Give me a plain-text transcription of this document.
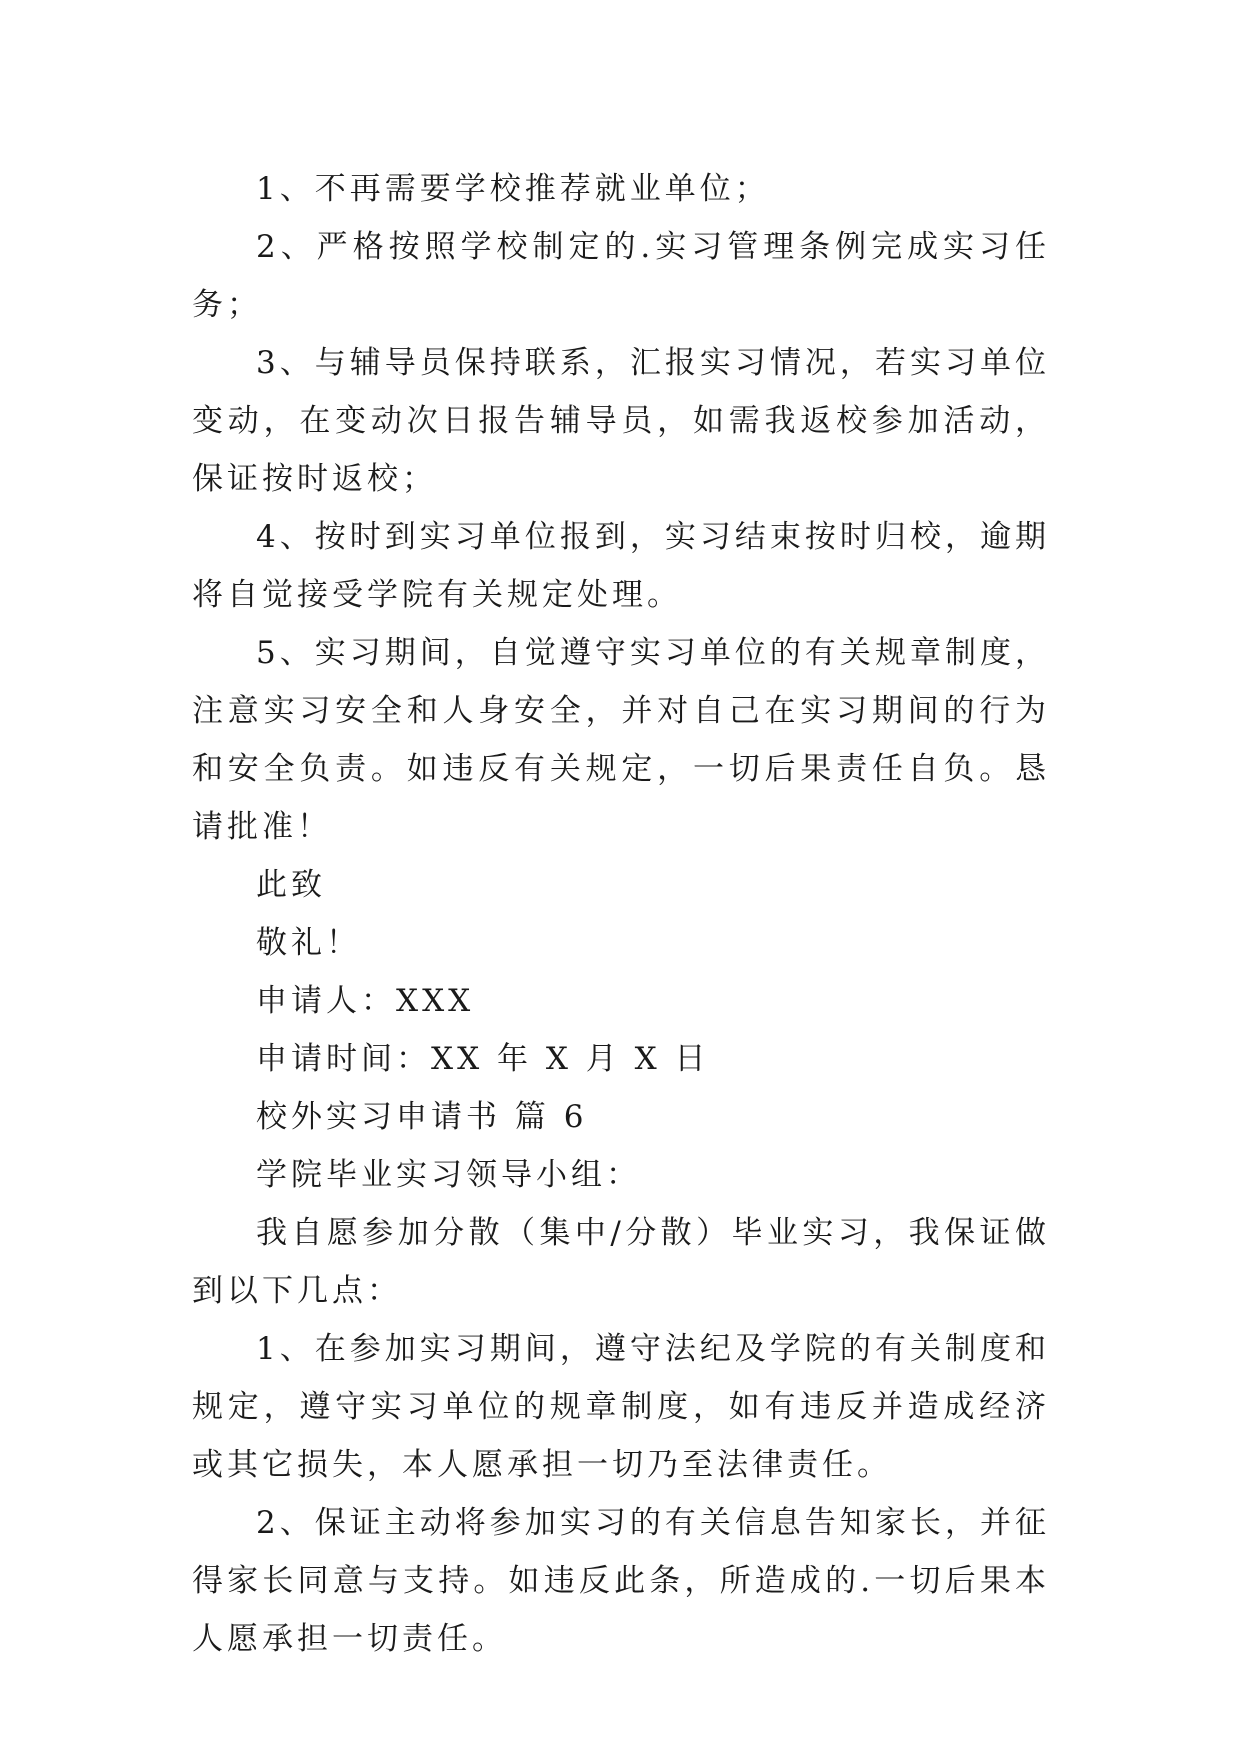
1、不再需要学校推荐就业单位；

2、严格按照学校制定的.实习管理条例完成实习任务；

3、与辅导员保持联系，汇报实习情况，若实习单位变动，在变动次日报告辅导员，如需我返校参加活动，保证按时返校；

4、按时到实习单位报到，实习结束按时归校，逾期将自觉接受学院有关规定处理。

5、实习期间，自觉遵守实习单位的有关规章制度，注意实习安全和人身安全，并对自己在实习期间的行为和安全负责。如违反有关规定，一切后果责任自负。恳请批准！

此致

敬礼！

申请人：XXX

申请时间：XX 年 X 月 X 日

校外实习申请书 篇 6

学院毕业实习领导小组：

我自愿参加分散（集中/分散）毕业实习，我保证做到以下几点：

1、在参加实习期间，遵守法纪及学院的有关制度和规定，遵守实习单位的规章制度，如有违反并造成经济或其它损失，本人愿承担一切乃至法律责任。

2、保证主动将参加实习的有关信息告知家长，并征得家长同意与支持。如违反此条，所造成的.一切后果本人愿承担一切责任。
